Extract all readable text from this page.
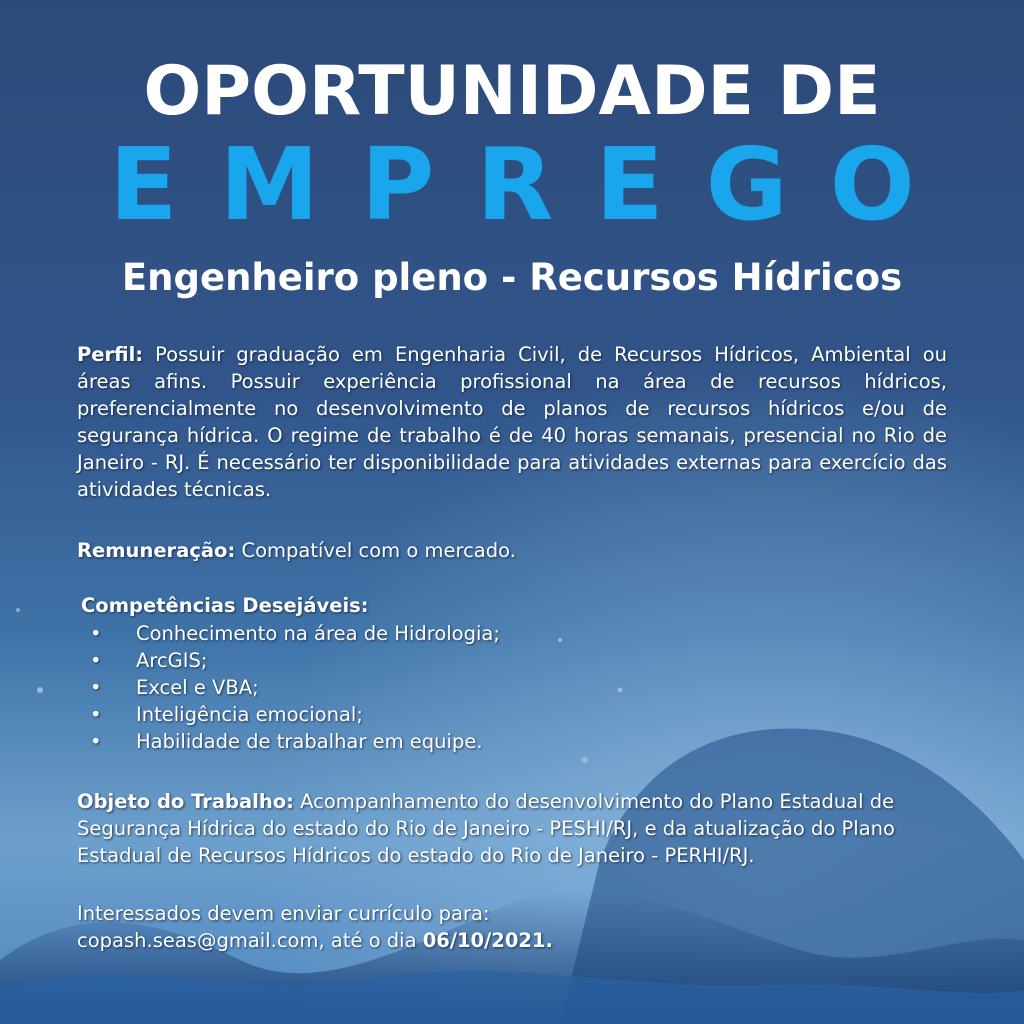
OPORTUNIDADE DE
EMPREGO
Engenheiro pleno - Recursos Hídricos
Perfil: Possuir graduação em Engenharia Civil, de Recursos Hídricos, Ambiental ou áreas afins. Possuir experiência profissional na área de recursos hídricos, preferencialmente no desenvolvimento de planos de recursos hídricos e/ou de segurança hídrica. O regime de trabalho é de 40 horas semanais, presencial no Rio de Janeiro - RJ. É necessário ter disponibilidade para atividades externas para exercício das atividades técnicas.
Remuneração: Compatível com o mercado.
Competências Desejáveis:
• Conhecimento na área de Hidrologia;
• ArcGIS;
• Excel e VBA;
• Inteligência emocional;
• Habilidade de trabalhar em equipe.
Objeto do Trabalho: Acompanhamento do desenvolvimento do Plano Estadual de Segurança Hídrica do estado do Rio de Janeiro - PESHI/RJ, e da atualização do Plano Estadual de Recursos Hídricos do estado do Rio de Janeiro - PERHI/RJ.
Interessados devem enviar currículo para:
copash.seas@gmail.com, até o dia 06/10/2021.
